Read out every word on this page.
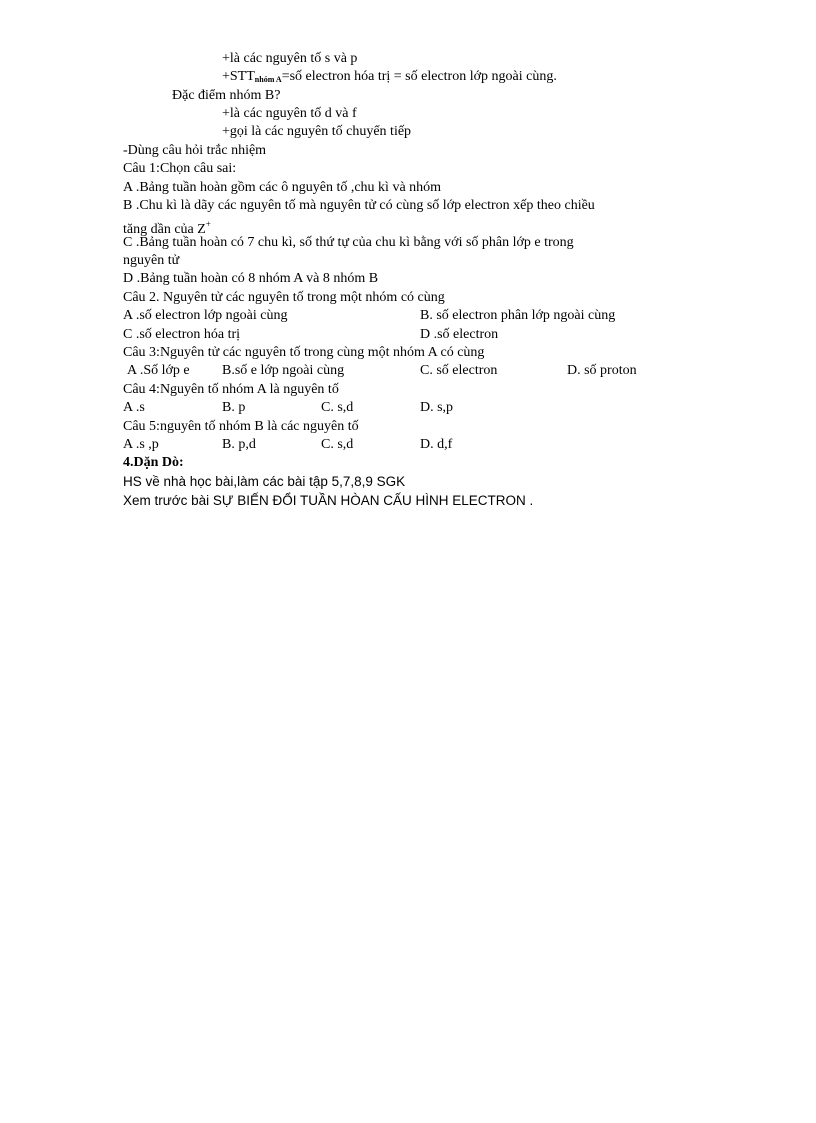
+là các nguyên tố s và p
$+STT_{nhóm A}=số$ electron hóa trị = số electron lớp ngoài cùng.
Đặc điểm nhóm B?
+là các nguyên tố d và f
+gọi là các nguyên tố chuyển tiếp
-Dùng câu hỏi trắc nhiệm
Câu 1:Chọn câu sai:
A .Bảng tuần hoàn gồm các ô nguyên tố ,chu kì và nhóm
B .Chu kì là dãy các nguyên tố mà nguyên tử có cùng số lớp electron xếp theo chiều
tăng dần của Z+
C .Bảng tuần hoàn có 7 chu kì, số thứ tự của chu kì bằng với số phân lớp e trong
nguyên tử
D .Bảng tuần hoàn có 8 nhóm A và 8 nhóm B
Câu 2. Nguyên tử các nguyên tố trong một nhóm có cùng
A .số electron lớp ngoài cùng	B. số electron phân lớp ngoài cùng
C .số electron hóa trị	D .số electron
Câu 3:Nguyên tử các nguyên tố trong cùng một nhóm A có cùng
A .Số lớp e B.số e lớp ngoài cùng	C. số electron	D. số proton
Câu 4:Nguyên tố nhóm A là nguyên tố
A .s	B. p	C. s,d	D. s,p
Câu 5:nguyên tố nhóm B là các nguyên tố
A .s ,p	B. p,d	C. s,d	D. d,f
4.Dặn Dò:
HS về nhà học bài,làm các bài tập 5,7,8,9 SGK
Xem trước bài SỰ BIẾN ĐỔI TUẦN HÒAN CẤU HÌNH ELECTRON .
